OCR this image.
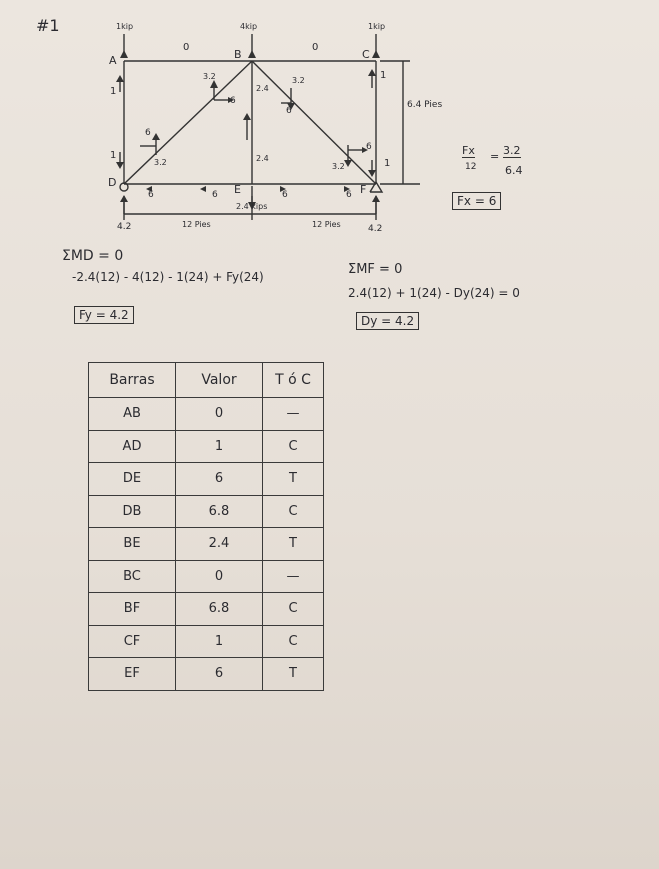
#1	1kip	4kip	1kip
2.4 kips
A	B	C
D
E	F
0	0
3.2
2.4
3.2
2.4
1
1
1
1
6
6
3.2	3.2
6	6	6	6
6
6
4.2	4.2
6.4 Pies
12 Pies	12 Pies
Fx
12
= 3.2
6.4
Fx = 6
ΣMD = 0
-2.4(12) - 4(12) - 1(24) + Fy(24)
Fy = 4.2
ΣMF = 0
2.4(12) + 1(24) - Dy(24) = 0
Dy = 4.2
Barras	Valor	T ó C
AB	0	—
AD	1	C
DE	6	T
DB	6.8	C
BE	2.4	T
BC	0	—
BF	6.8	C
CF	1	C
EF	6	T
